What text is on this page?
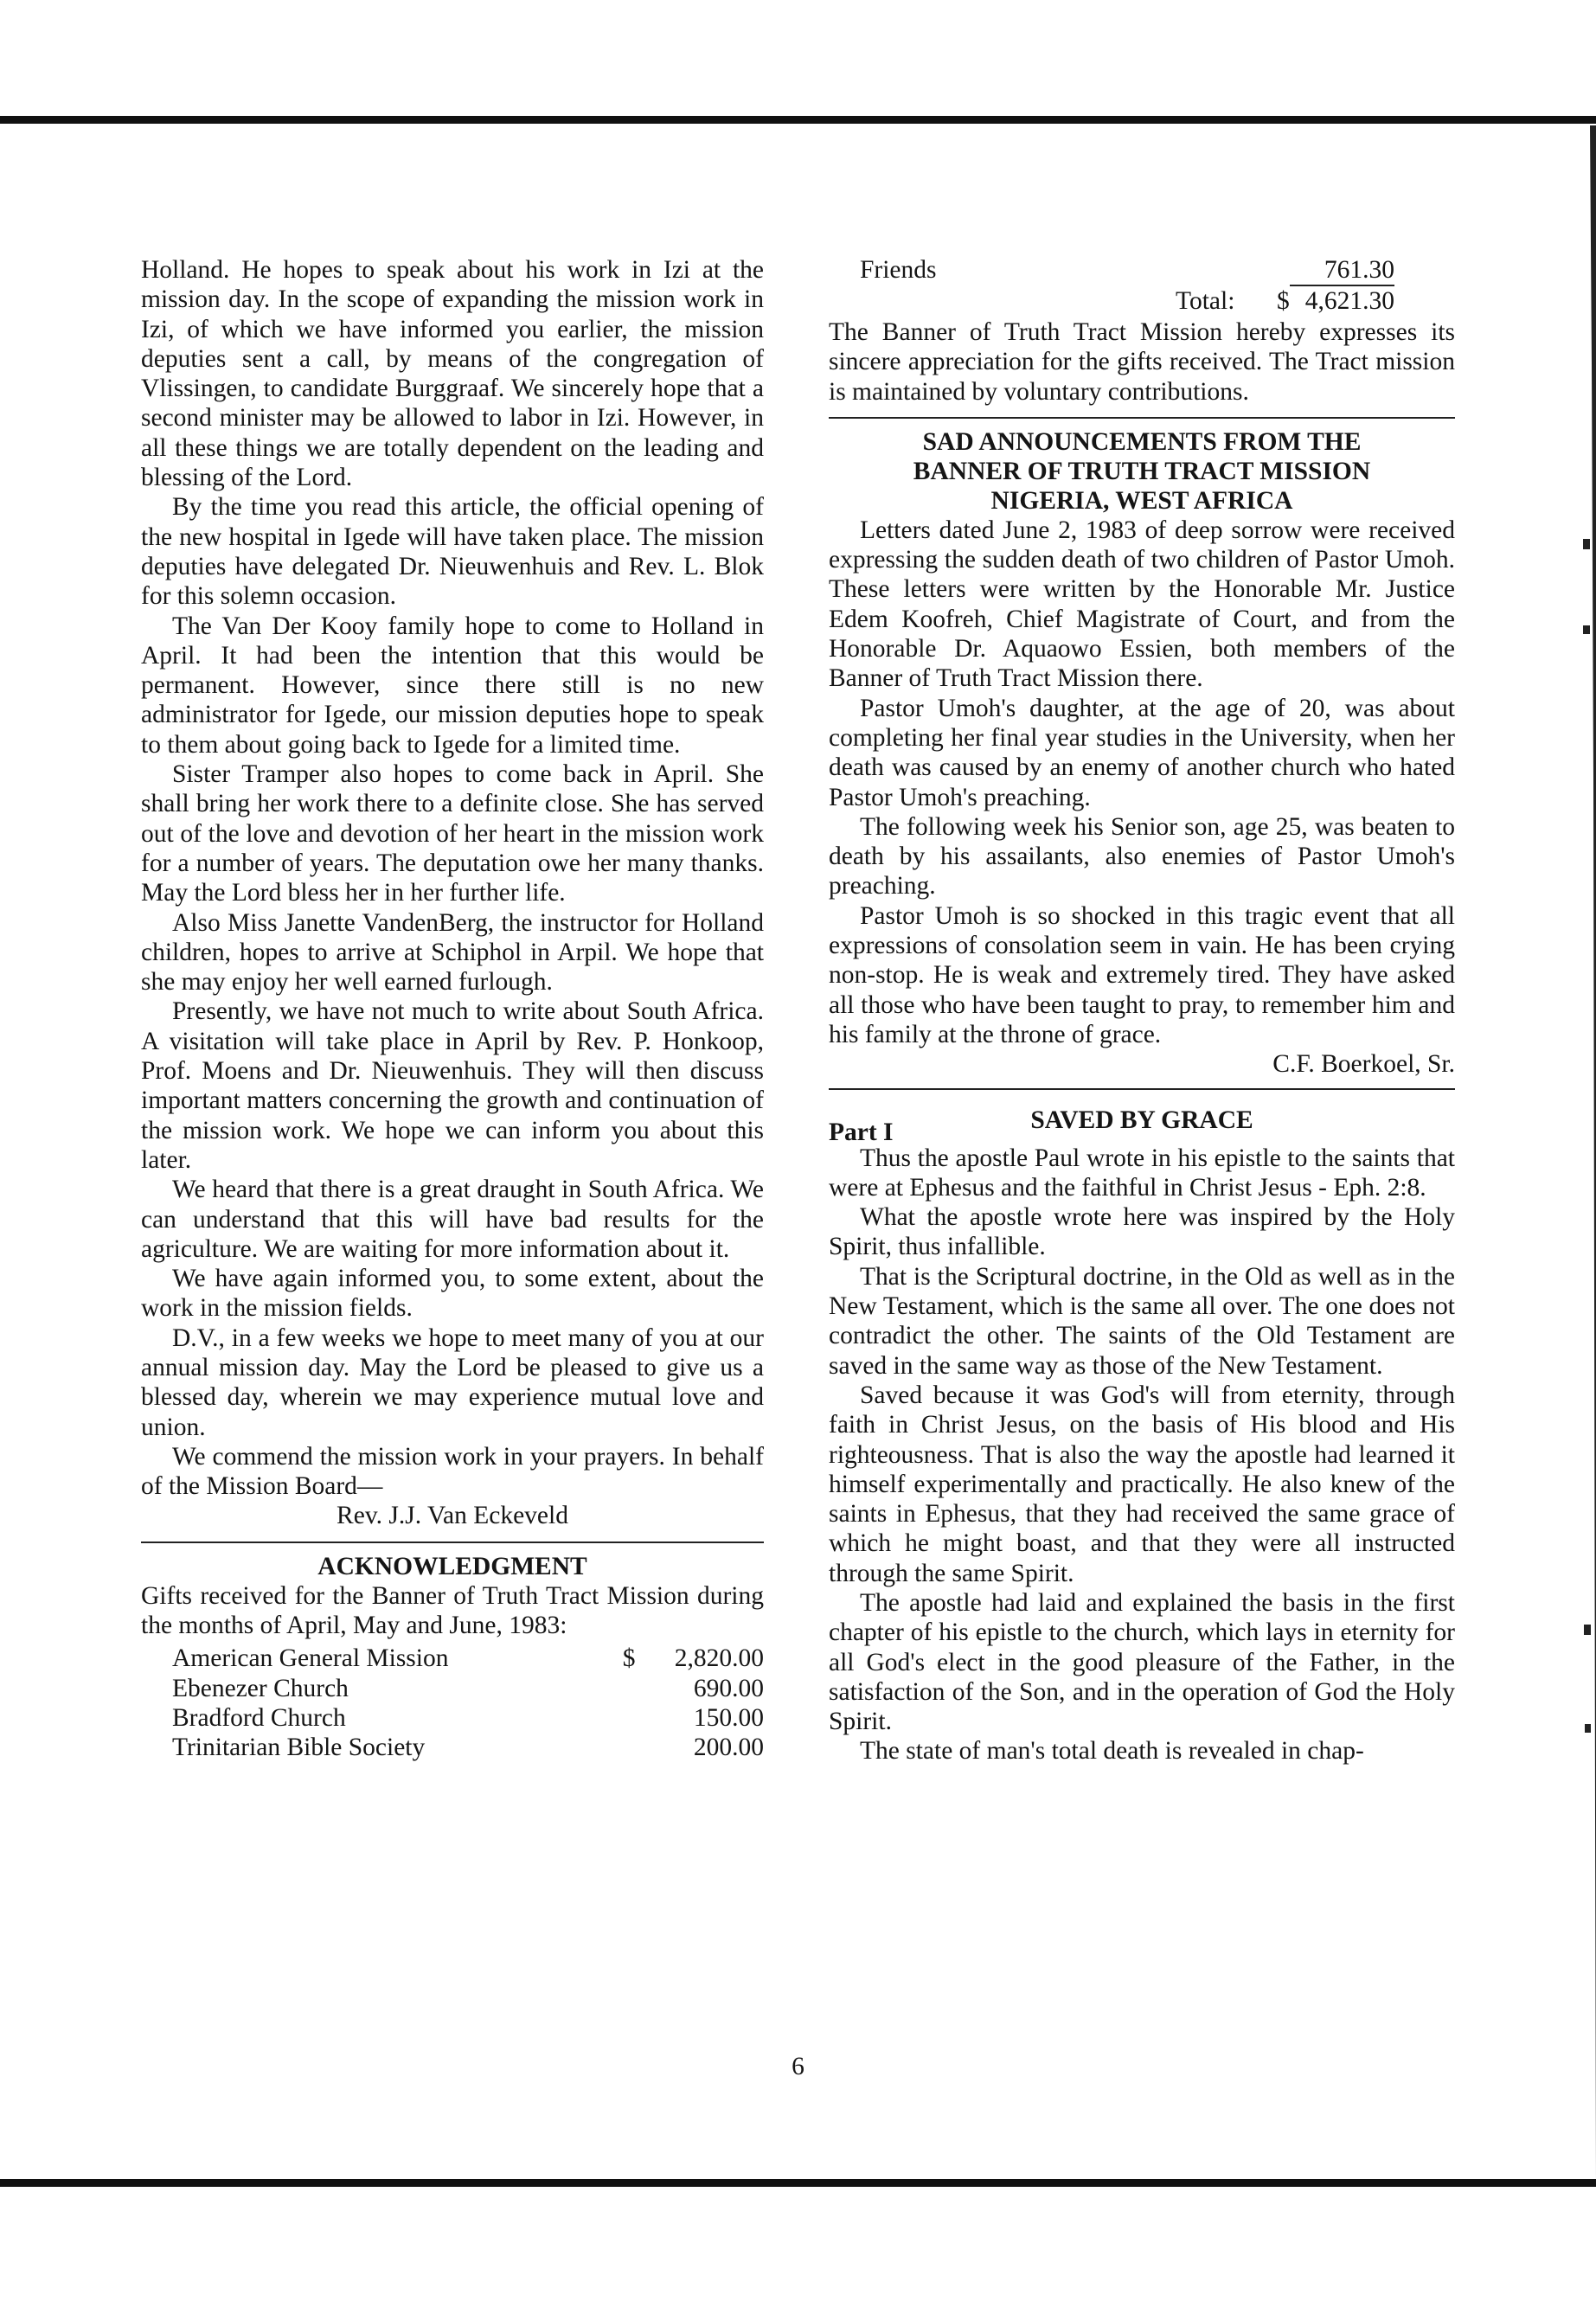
Holland. He hopes to speak about his work in Izi at the mission day. In the scope of expanding the mission work in Izi, of which we have informed you earlier, the mission deputies sent a call, by means of the congregation of Vlissingen, to candidate Burggraaf. We sincerely hope that a second minister may be allowed to labor in Izi. However, in all these things we are totally dependent on the leading and blessing of the Lord.

By the time you read this article, the official opening of the new hospital in Igede will have taken place. The mission deputies have delegated Dr. Nieuwenhuis and Rev. L. Blok for this solemn occasion.

The Van Der Kooy family hope to come to Holland in April. It had been the intention that this would be permanent. However, since there still is no new administrator for Igede, our mission deputies hope to speak to them about going back to Igede for a limited time.

Sister Tramper also hopes to come back in April. She shall bring her work there to a definite close. She has served out of the love and devotion of her heart in the mission work for a number of years. The deputation owe her many thanks. May the Lord bless her in her further life.

Also Miss Janette VandenBerg, the instructor for Holland children, hopes to arrive at Schiphol in Arpil. We hope that she may enjoy her well earned furlough.

Presently, we have not much to write about South Africa. A visitation will take place in April by Rev. P. Honkoop, Prof. Moens and Dr. Nieuwenhuis. They will then discuss important matters concerning the growth and continuation of the mission work. We hope we can inform you about this later.

We heard that there is a great draught in South Africa. We can understand that this will have bad results for the agriculture. We are waiting for more information about it.

We have again informed you, to some extent, about the work in the mission fields.

D.V., in a few weeks we hope to meet many of you at our annual mission day. May the Lord be pleased to give us a blessed day, wherein we may experience mutual love and union.

We commend the mission work in your prayers. In behalf of the Mission Board—

Rev. J.J. Van Eckeveld
ACKNOWLEDGMENT

Gifts received for the Banner of Truth Tract Mission during the months of April, May and June, 1983:

American General Mission	$ 2,820.00
Ebenezer Church	690.00
Bradford Church	150.00
Trinitarian Bible Society	200.00
Friends	761.30
Total: $ 4,621.30

The Banner of Truth Tract Mission hereby expresses its sincere appreciation for the gifts received. The Tract mission is maintained by voluntary contributions.

SAD ANNOUNCEMENTS FROM THE
BANNER OF TRUTH TRACT MISSION
NIGERIA, WEST AFRICA

Letters dated June 2, 1983 of deep sorrow were received expressing the sudden death of two children of Pastor Umoh. These letters were written by the Honorable Mr. Justice Edem Koofreh, Chief Magistrate of Court, and from the Honorable Dr. Aquaowo Essien, both members of the Banner of Truth Tract Mission there.

Pastor Umoh's daughter, at the age of 20, was about completing her final year studies in the University, when her death was caused by an enemy of another church who hated Pastor Umoh's preaching.

The following week his Senior son, age 25, was beaten to death by his assailants, also enemies of Pastor Umoh's preaching.

Pastor Umoh is so shocked in this tragic event that all expressions of consolation seem in vain. He has been crying non-stop. He is weak and extremely tired. They have asked all those who have been taught to pray, to remember him and his family at the throne of grace.

C.F. Boerkoel, Sr.
SAVED BY GRACE
Part I

Thus the apostle Paul wrote in his epistle to the saints that were at Ephesus and the faithful in Christ Jesus - Eph. 2:8.

What the apostle wrote here was inspired by the Holy Spirit, thus infallible.

That is the Scriptural doctrine, in the Old as well as in the New Testament, which is the same all over. The one does not contradict the other. The saints of the Old Testament are saved in the same way as those of the New Testament.

Saved because it was God's will from eternity, through faith in Christ Jesus, on the basis of His blood and His righteousness. That is also the way the apostle had learned it himself experimentally and practically. He also knew of the saints in Ephesus, that they had received the same grace of which he might boast, and that they were all instructed through the same Spirit.

The apostle had laid and explained the basis in the first chapter of his epistle to the church, which lays in eternity for all God's elect in the good pleasure of the Father, in the satisfaction of the Son, and in the operation of God the Holy Spirit.

The state of man's total death is revealed in chap-

6
